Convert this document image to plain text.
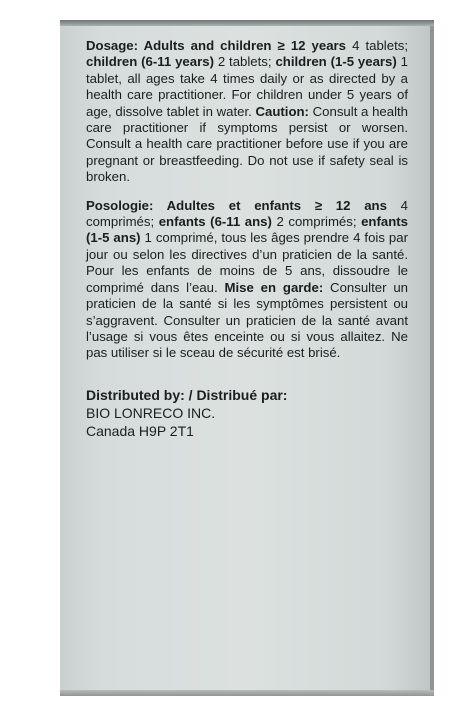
Dosage: Adults and children ≥ 12 years 4 tablets; children (6-11 years) 2 tablets; children (1-5 years) 1 tablet, all ages take 4 times daily or as directed by a health care practitioner. For children under 5 years of age, dissolve tablet in water. Caution: Consult a health care practitioner if symptoms persist or worsen. Consult a health care practitioner before use if you are pregnant or breastfeeding. Do not use if safety seal is broken.

Posologie: Adultes et enfants ≥ 12 ans 4 comprimés; enfants (6-11 ans) 2 comprimés; enfants (1-5 ans) 1 comprimé, tous les âges prendre 4 fois par jour ou selon les directives d’un praticien de la santé. Pour les enfants de moins de 5 ans, dissoudre le comprimé dans l’eau. Mise en garde: Consulter un praticien de la santé si les symptômes persistent ou s’aggravent. Consulter un praticien de la santé avant l’usage si vous êtes enceinte ou si vous allaitez. Ne pas utiliser si le sceau de sécurité est brisé.

Distributed by: / Distribué par:
BIO LONRECO INC.
Canada H9P 2T1
